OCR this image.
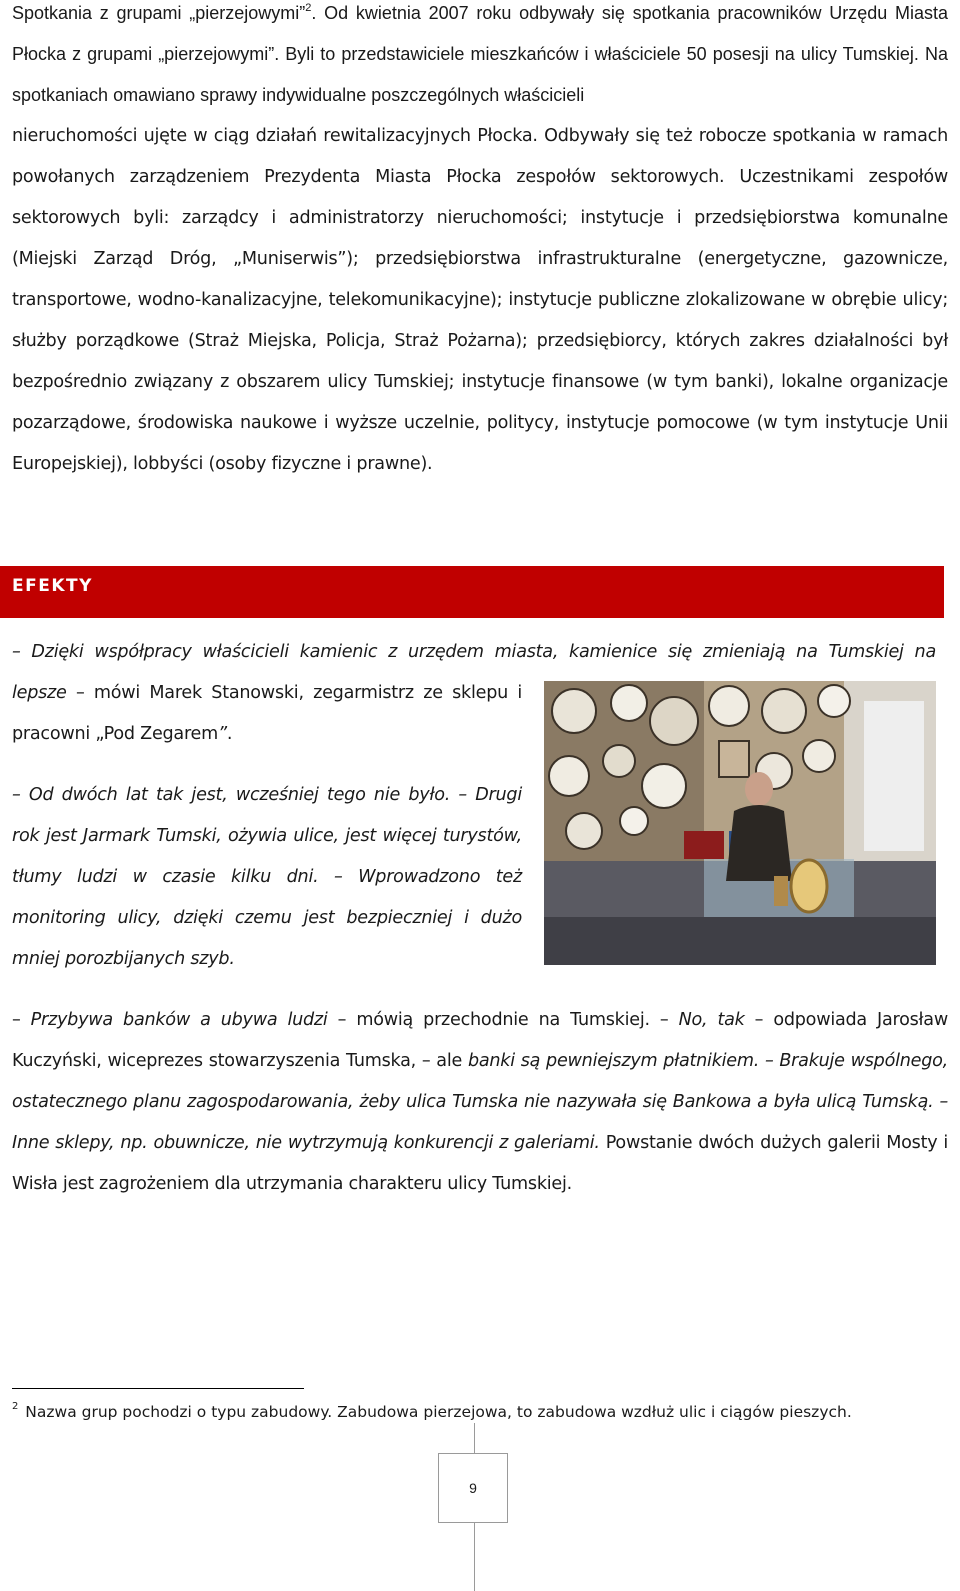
Spotkania z grupami „pierzejowymi”$^2$. Od kwietnia 2007 roku odbywały się spotkania pracowników Urzędu Miasta Płocka z grupami „pierzejowymi”. Byli to przedstawiciele mieszkańców i właściciele 50 posesji na ulicy Tumskiej. Na spotkaniach omawiano sprawy indywidualne poszczególnych właścicieli

nieruchomości ujęte w ciąg działań rewitalizacyjnych Płocka. Odbywały się też robocze spotkania w ramach powołanych zarządzeniem Prezydenta Miasta Płocka zespołów sektorowych. Uczestnikami zespołów sektorowych byli: zarządcy i administratorzy nieruchomości; instytucje i przedsiębiorstwa komunalne (Miejski Zarząd Dróg, „Muniserwis”); przedsiębiorstwa infrastrukturalne (energetyczne, gazownicze, transportowe, wodno-kanalizacyjne, telekomunikacyjne); instytucje publiczne zlokalizowane w obrębie ulicy; służby porządkowe (Straż Miejska, Policja, Straż Pożarna); przedsiębiorcy, których zakres działalności był bezpośrednio związany z obszarem ulicy Tumskiej; instytucje finansowe (w tym banki), lokalne organizacje pozarządowe, środowiska naukowe i wyższe uczelnie, politycy, instytucje pomocowe (w tym instytucje Unii Europejskiej), lobbyści (osoby fizyczne i prawne).

EFEKTY

– Dzięki współpracy właścicieli kamienic z urzędem miasta, kamienice się zmieniają na Tumskiej na

lepsze – mówi Marek Stanowski, zegarmistrz ze sklepu i pracowni „Pod Zegarem”.

– Od dwóch lat tak jest, wcześniej tego nie było. – Drugi rok jest Jarmark Tumski, ożywia ulice, jest więcej turystów, tłumy ludzi w czasie kilku dni. – Wprowadzono też monitoring ulicy, dzięki czemu jest bezpieczniej i dużo mniej porozbijanych szyb.

– Przybywa banków a ubywa ludzi – mówią przechodnie na Tumskiej. – No, tak – odpowiada Jarosław Kuczyński, wiceprezes stowarzyszenia Tumska, – ale banki są pewniejszym płatnikiem. – Brakuje wspólnego, ostatecznego planu zagospodarowania, żeby ulica Tumska nie nazywała się Bankowa a była ulicą Tumską. – Inne sklepy, np. obuwnicze, nie wytrzymują konkurencji z galeriami. Powstanie dwóch dużych galerii Mosty i Wisła jest zagrożeniem dla utrzymania charakteru ulicy Tumskiej.

$^2$ Nazwa grup pochodzi o typu zabudowy. Zabudowa pierzejowa, to zabudowa wzdłuż ulic i ciągów pieszych.

9
